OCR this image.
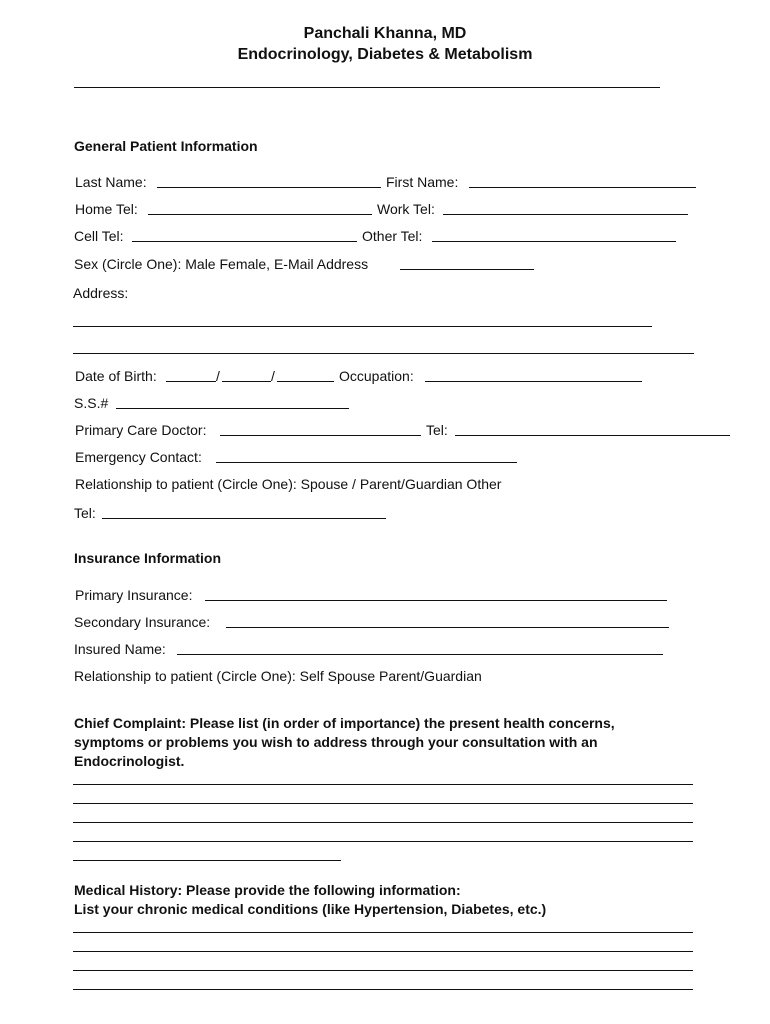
Panchali Khanna, MD
Endocrinology, Diabetes & Metabolism
General Patient Information
Last Name:	First Name:
Home Tel:	Work Tel:
Cell Tel:	Other Tel:
Sex (Circle One): Male Female, E-Mail Address
Address:
Date of Birth:	/	/	Occupation:
S.S.#
Primary Care Doctor:	Tel:
Emergency Contact:
Relationship to patient (Circle One): Spouse / Parent/Guardian Other
Tel:
Insurance Information
Primary Insurance:
Secondary Insurance:
Insured Name:
Relationship to patient (Circle One): Self Spouse Parent/Guardian
Chief Complaint: Please list (in order of importance) the present health concerns, symptoms or problems you wish to address through your consultation with an Endocrinologist.
Medical History: Please provide the following information:
List your chronic medical conditions (like Hypertension, Diabetes, etc.)
